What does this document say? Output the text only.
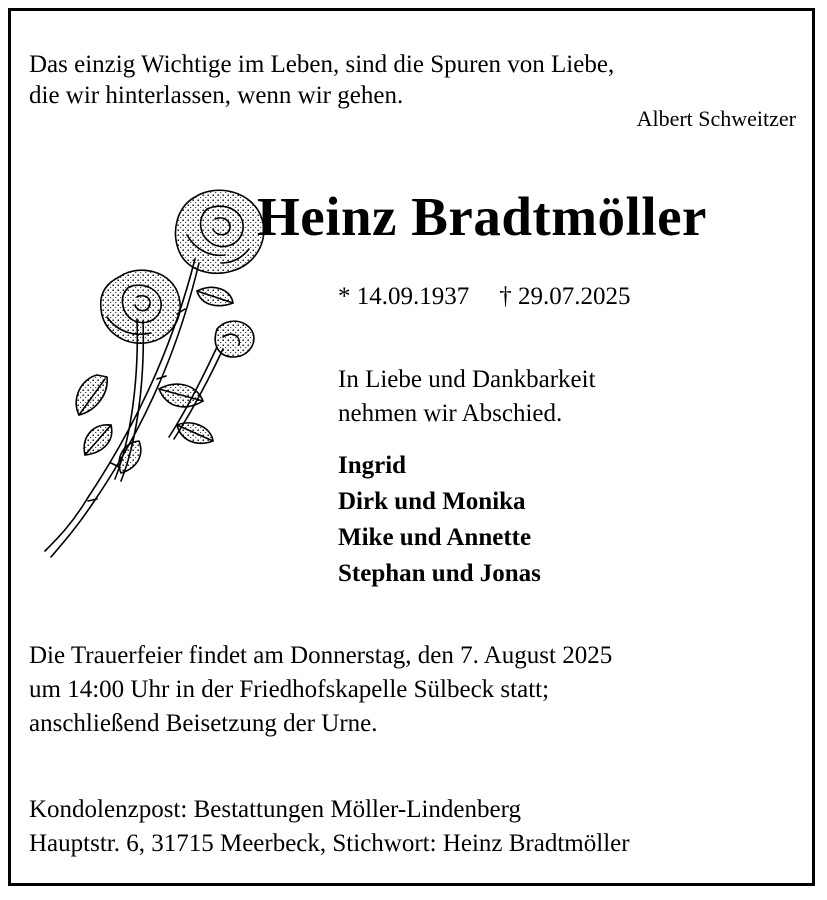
Das einzig Wichtige im Leben, sind die Spuren von Liebe,
die wir hinterlassen, wenn wir gehen.
Albert Schweitzer
Heinz Bradtmöller
* 14.09.1937 † 29.07.2025
In Liebe und Dankbarkeit
nehmen wir Abschied.
Ingrid
Dirk und Monika
Mike und Annette
Stephan und Jonas
Die Trauerfeier findet am Donnerstag, den 7. August 2025
um 14:00 Uhr in der Friedhofskapelle Sülbeck statt;
anschließend Beisetzung der Urne.
Kondolenzpost: Bestattungen Möller-Lindenberg
Hauptstr. 6, 31715 Meerbeck, Stichwort: Heinz Bradtmöller
